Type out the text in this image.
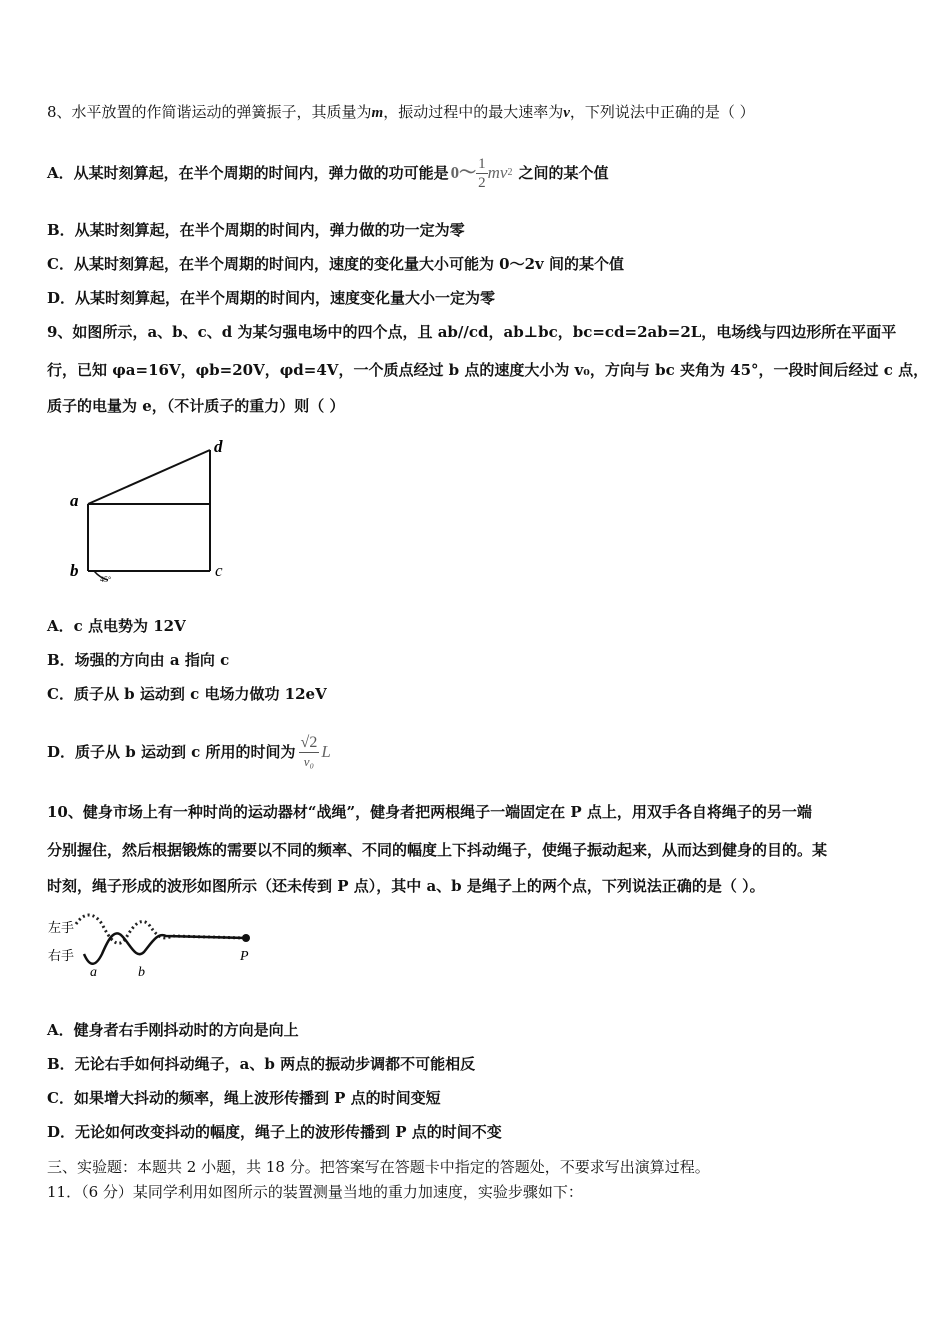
8、水平放置的作简谐运动的弹簧振子，其质量为m，振动过程中的最大速率为v，下列说法中正确的是（ ）
A．从某时刻算起，在半个周期的时间内，弹力做的功可能是 0～ $\frac{1}{2}$ mv 2 之间的某个值
B．从某时刻算起，在半个周期的时间内，弹力做的功一定为零
C．从某时刻算起，在半个周期的时间内，速度的变化量大小可能为 0～2v 间的某个值
D．从某时刻算起，在半个周期的时间内，速度变化量大小一定为零
9、如图所示，a、b、c、d 为某匀强电场中的四个点，且 ab//cd，ab⊥bc，bc=cd=2ab=2L，电场线与四边形所在平面平
行，已知 φa=16V，φb=20V，φd=4V，一个质点经过 b 点的速度大小为 v₀，方向与 bc 夹角为 45°，一段时间后经过 c 点，
质子的电量为 e，（不计质子的重力）则（ ）
a
b	c
d
45°
A．c 点电势为 12V
B．场强的方向由 a 指向 c
C．质子从 b 运动到 c 电场力做功 12eV
D．质子从 b 运动到 c 所用的时间为 $\frac{√2}{\text{v₀}}$ L
10、健身市场上有一种时尚的运动器材“战绳”，健身者把两根绳子一端固定在 P 点上，用双手各自将绳子的另一端
分别握住，然后根据锻炼的需要以不同的频率、不同的幅度上下抖动绳子，使绳子振动起来，从而达到健身的目的。某
时刻，绳子形成的波形如图所示（还未传到 P 点），其中 a、b 是绳子上的两个点，下列说法正确的是（ ）。
左手
右手
a	b
P
A．健身者右手刚抖动时的方向是向上
B．无论右手如何抖动绳子，a、b 两点的振动步调都不可能相反
C．如果增大抖动的频率，绳上波形传播到 P 点的时间变短
D．无论如何改变抖动的幅度，绳子上的波形传播到 P 点的时间不变
三、实验题：本题共 2 小题，共 18 分。把答案写在答题卡中指定的答题处，不要求写出演算过程。
11．（6 分）某同学利用如图所示的装置测量当地的重力加速度，实验步骤如下：
